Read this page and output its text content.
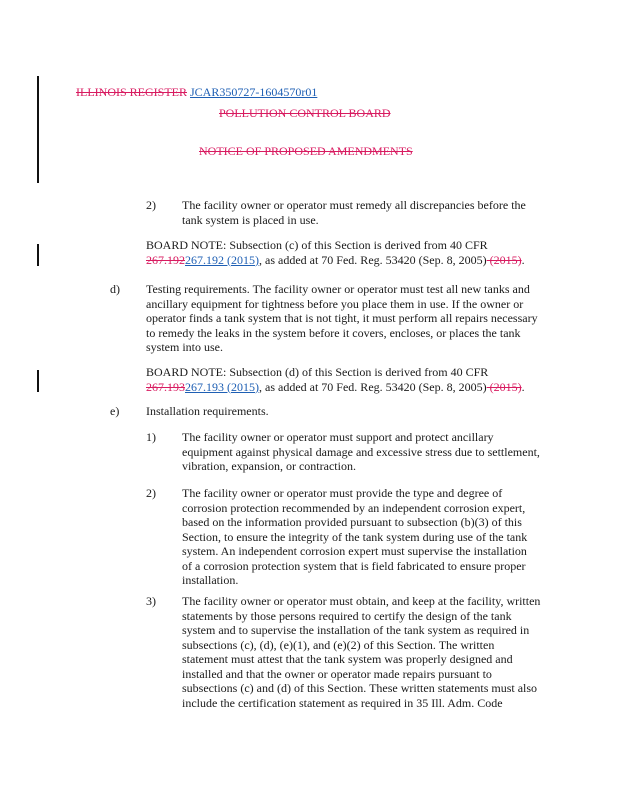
ILLINOIS REGISTER JCAR350727-1604570r01
POLLUTION CONTROL BOARD
NOTICE OF PROPOSED AMENDMENTS
2) The facility owner or operator must remedy all discrepancies before the
tank system is placed in use.
BOARD NOTE: Subsection (c) of this Section is derived from 40 CFR
267.192267.192 (2015), as added at 70 Fed. Reg. 53420 (Sep. 8, 2005) (2015).
d) Testing requirements. The facility owner or operator must test all new tanks and
ancillary equipment for tightness before you place them in use. If the owner or
operator finds a tank system that is not tight, it must perform all repairs necessary
to remedy the leaks in the system before it covers, encloses, or places the tank
system into use.
BOARD NOTE: Subsection (d) of this Section is derived from 40 CFR
267.193267.193 (2015), as added at 70 Fed. Reg. 53420 (Sep. 8, 2005) (2015).
e) Installation requirements.
1) The facility owner or operator must support and protect ancillary
equipment against physical damage and excessive stress due to settlement,
vibration, expansion, or contraction.
2) The facility owner or operator must provide the type and degree of
corrosion protection recommended by an independent corrosion expert,
based on the information provided pursuant to subsection (b)(3) of this
Section, to ensure the integrity of the tank system during use of the tank
system. An independent corrosion expert must supervise the installation
of a corrosion protection system that is field fabricated to ensure proper
installation.
3) The facility owner or operator must obtain, and keep at the facility, written
statements by those persons required to certify the design of the tank
system and to supervise the installation of the tank system as required in
subsections (c), (d), (e)(1), and (e)(2) of this Section. The written
statement must attest that the tank system was properly designed and
installed and that the owner or operator made repairs pursuant to
subsections (c) and (d) of this Section. These written statements must also
include the certification statement as required in 35 Ill. Adm. Code
